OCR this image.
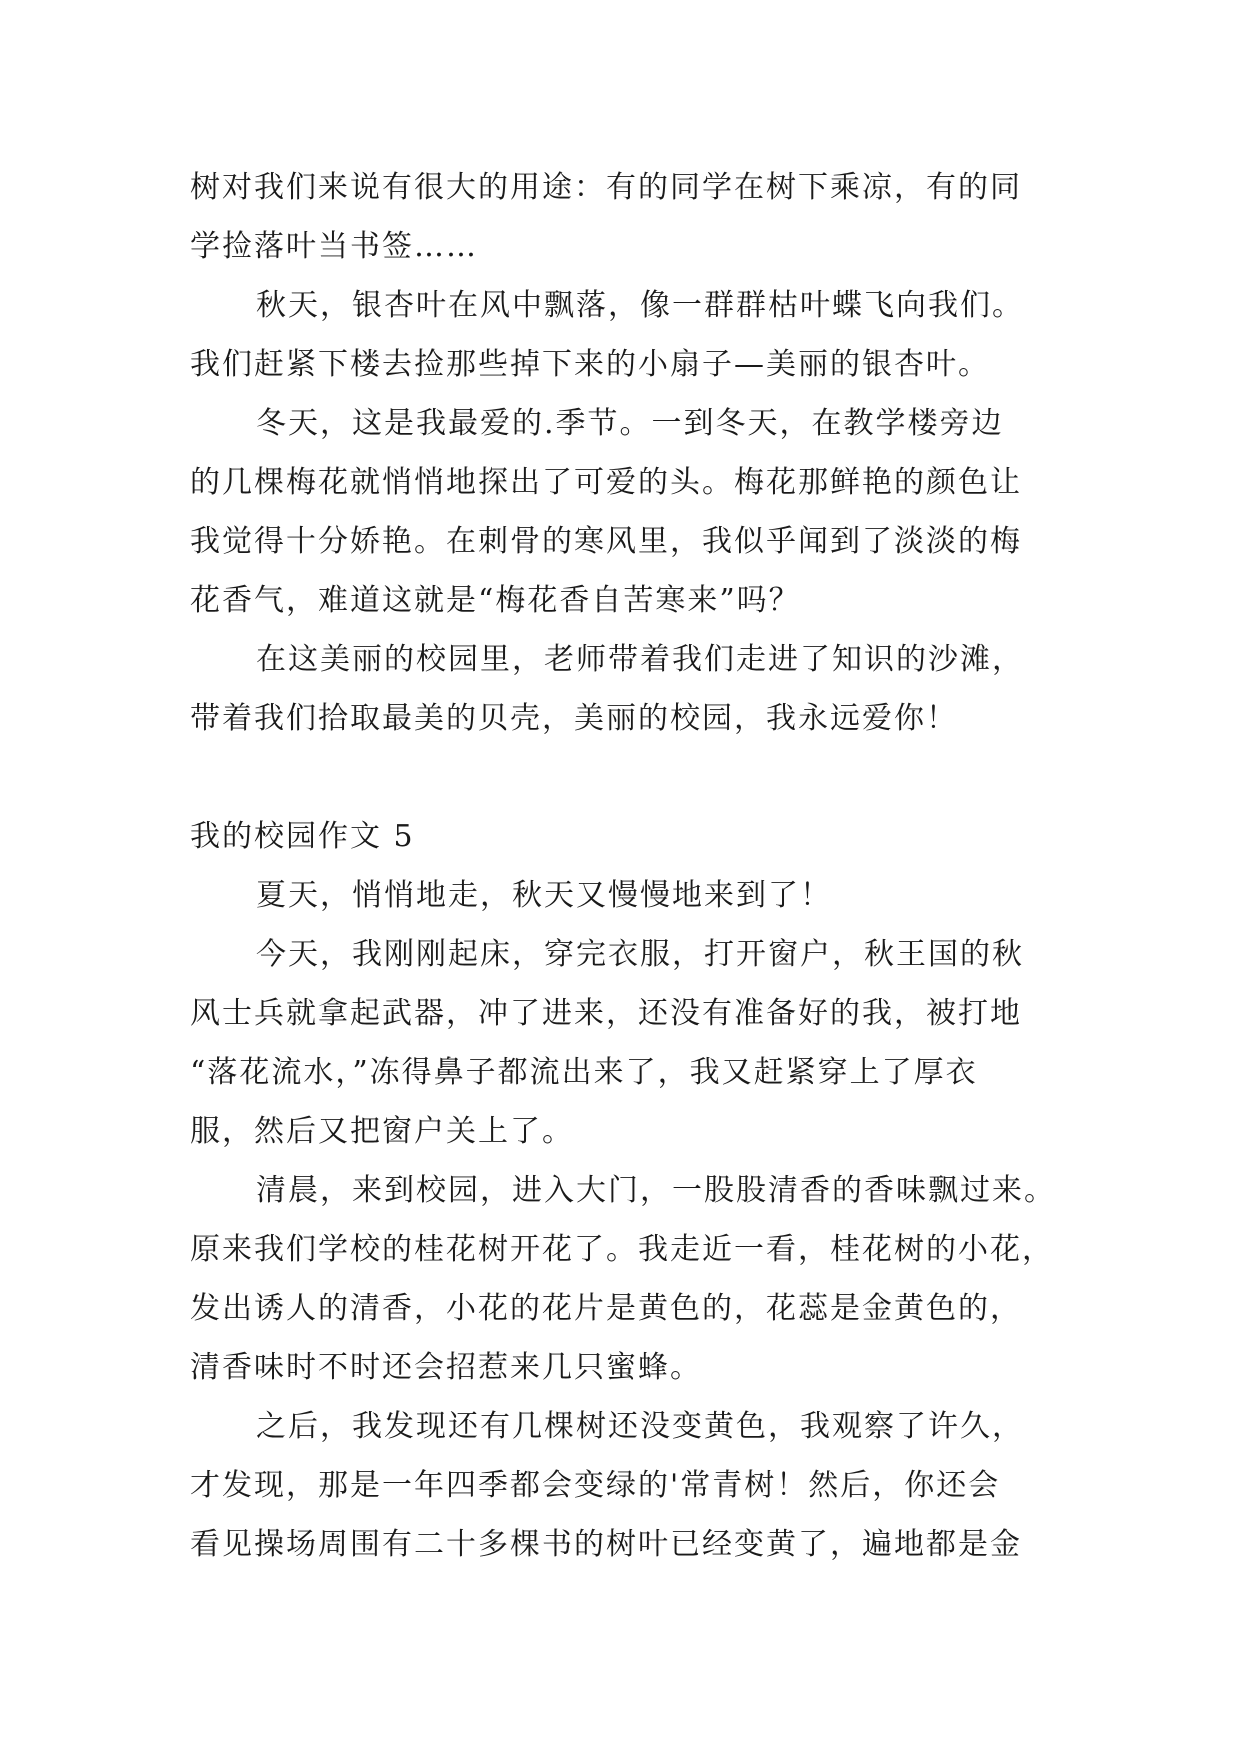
树对我们来说有很大的用途：有的同学在树下乘凉，有的同
学捡落叶当书签……
秋天，银杏叶在风中飘落，像一群群枯叶蝶飞向我们。
我们赶紧下楼去捡那些掉下来的小扇子—美丽的银杏叶。
冬天，这是我最爱的.季节。一到冬天，在教学楼旁边
的几棵梅花就悄悄地探出了可爱的头。梅花那鲜艳的颜色让
我觉得十分娇艳。在刺骨的寒风里，我似乎闻到了淡淡的梅
花香气，难道这就是“梅花香自苦寒来”吗？
在这美丽的校园里，老师带着我们走进了知识的沙滩，
带着我们拾取最美的贝壳，美丽的校园，我永远爱你！
我的校园作文 5
夏天，悄悄地走，秋天又慢慢地来到了！
今天，我刚刚起床，穿完衣服，打开窗户，秋王国的秋
风士兵就拿起武器，冲了进来，还没有准备好的我，被打地
“落花流水，”冻得鼻子都流出来了，我又赶紧穿上了厚衣
服，然后又把窗户关上了。
清晨，来到校园，进入大门，一股股清香的香味飘过来。
原来我们学校的桂花树开花了。我走近一看，桂花树的小花，
发出诱人的清香，小花的花片是黄色的，花蕊是金黄色的，
清香味时不时还会招惹来几只蜜蜂。
之后，我发现还有几棵树还没变黄色，我观察了许久，
才发现，那是一年四季都会变绿的'常青树！然后，你还会
看见操场周围有二十多棵书的树叶已经变黄了，遍地都是金
